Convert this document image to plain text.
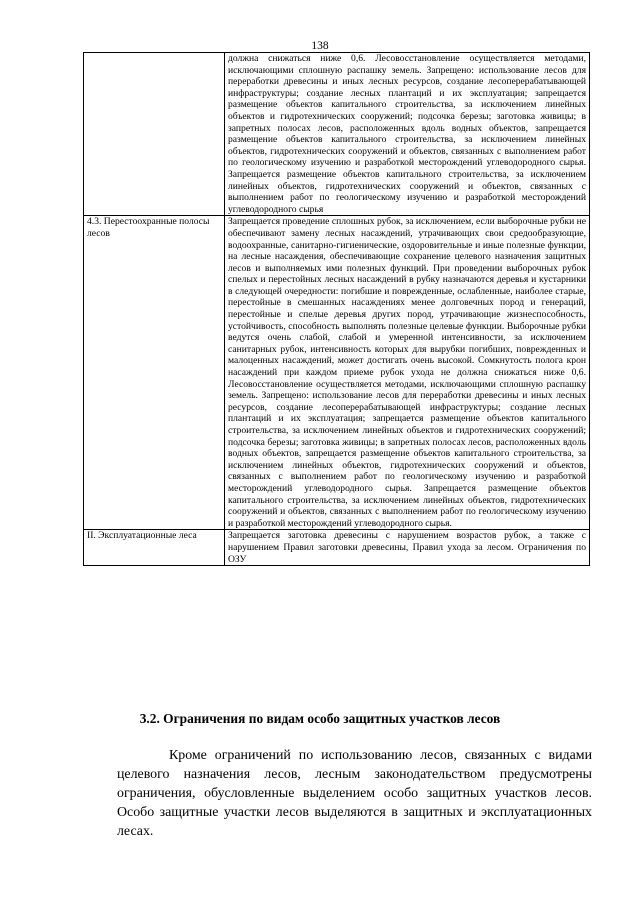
138
	должна снижаться ниже 0,6. Лесовосстановление осуществляется методами, исключающими сплошную распашку земель. Запрещено: использование лесов для переработки древесины и иных лесных ресурсов, создание лесоперерабатывающей инфраструктуры; создание лесных плантаций и их эксплуатация; запрещается размещение объектов капитального строительства, за исключением линейных объектов и гидротехнических сооружений; подсочка березы; заготовка живицы; в запретных полосах лесов, расположенных вдоль водных объектов, запрещается размещение объектов капитального строительства, за исключением линейных объектов, гидротехнических сооружений и объектов, связанных с выполнением работ по геологическому изучению и разработкой месторождений углеводородного сырья. Запрещается размещение объектов капитального строительства, за исключением линейных объектов, гидротехнических сооружений и объектов, связанных с выполнением работ по геологическому изучению и разработкой месторождений углеводородного сырья
4.3. Перестоохранные полосы лесов	Запрещается проведение сплошных рубок, за исключением, если выборочные рубки не обеспечивают замену лесных насаждений, утрачивающих свои средообразующие, водоохранные, санитарно-гигиенические, оздоровительные и иные полезные функции, на лесные насаждения, обеспечивающие сохранение целевого назначения защитных лесов и выполняемых ими полезных функций. При проведении выборочных рубок спелых и перестойных лесных насаждений в рубку назначаются деревья и кустарники в следующей очередности: погибшие и поврежденные, ослабленные, наиболее старые, перестойные в смешанных насаждениях менее долговечных пород и генераций, перестойные и спелые деревья других пород, утрачивающие жизнеспособность, устойчивость, способность выполнять полезные целевые функции. Выборочные рубки ведутся очень слабой, слабой и умеренной интенсивности, за исключением санитарных рубок, интенсивность которых для вырубки погибших, поврежденных и малоценных насаждений, может достигать очень высокой. Сомкнутость полога крон насаждений при каждом приеме рубок ухода не должна снижаться ниже 0,6. Лесовосстановление осуществляется методами, исключающими сплошную распашку земель. Запрещено: использование лесов для переработки древесины и иных лесных ресурсов, создание лесоперерабатывающей инфраструктуры; создание лесных плантаций и их эксплуатация; запрещается размещение объектов капитального строительства, за исключением линейных объектов и гидротехнических сооружений; подсочка березы; заготовка живицы; в запретных полосах лесов, расположенных вдоль водных объектов, запрещается размещение объектов капитального строительства, за исключением линейных объектов, гидротехнических сооружений и объектов, связанных с выполнением работ по геологическому изучению и разработкой месторождений углеводородного сырья. Запрещается размещение объектов капитального строительства, за исключением линейных объектов, гидротехнических сооружений и объектов, связанных с выполнением работ по геологическому изучению и разработкой месторождений углеводородного сырья.
II. Эксплуатационные леса	Запрещается заготовка древесины с нарушением возрастов рубок, а также с нарушением Правил заготовки древесины, Правил ухода за лесом. Ограничения по ОЗУ
3.2. Ограничения по видам особо защитных участков лесов

Кроме ограничений по использованию лесов, связанных с видами целевого назначения лесов, лесным законодательством предусмотрены ограничения, обусловленные выделением особо защитных участков лесов. Особо защитные участки лесов выделяются в защитных и эксплуатационных лесах.
